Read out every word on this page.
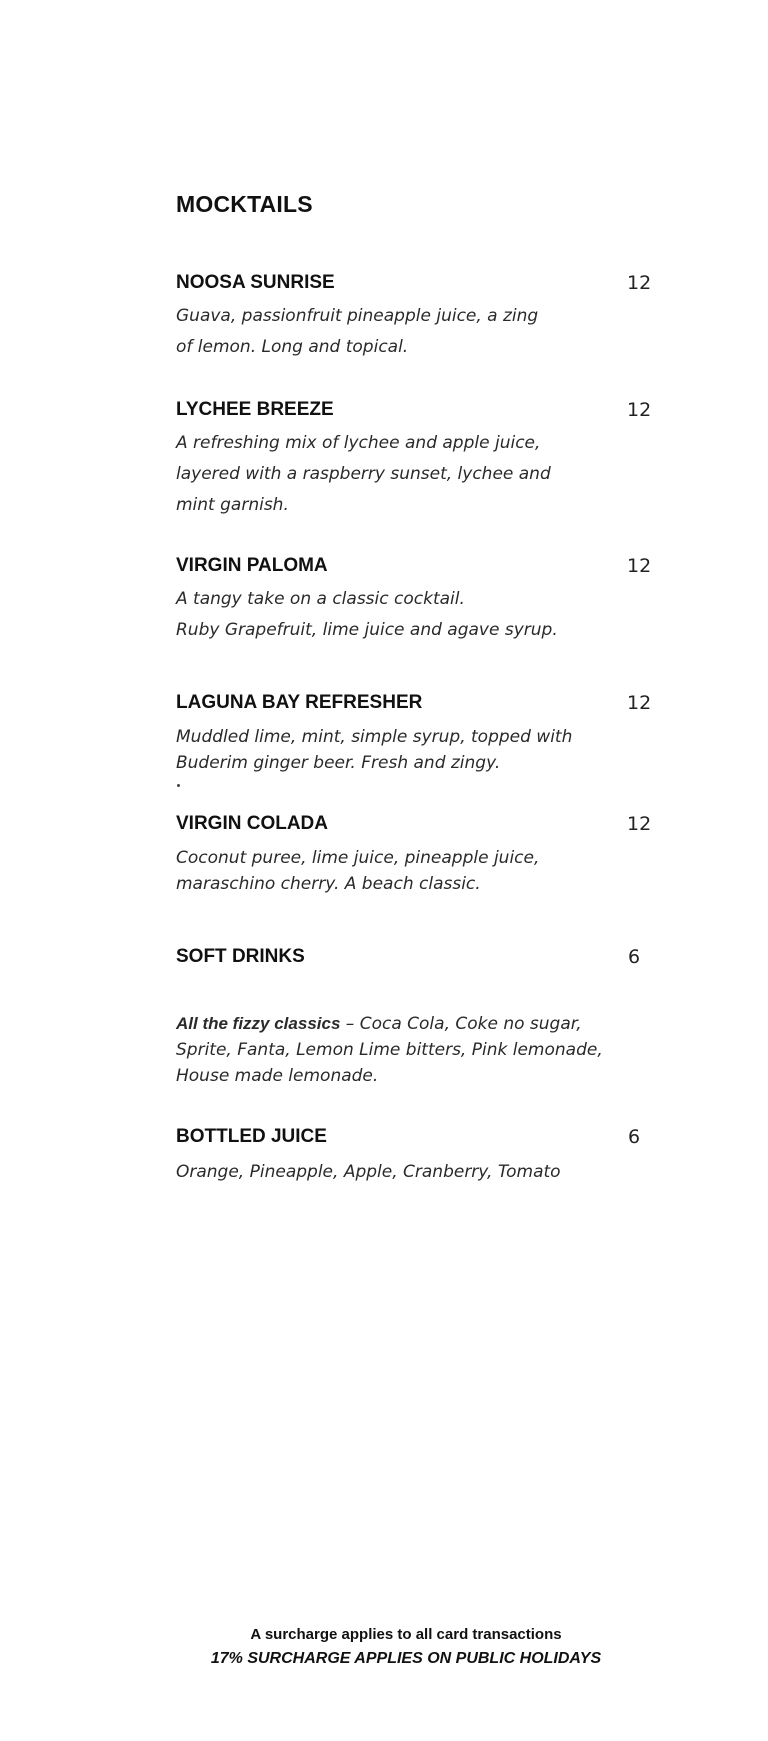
MOCKTAILS
NOOSA SUNRISE	12
Guava, passionfruit pineapple juice, a zing
of lemon. Long and topical.
LYCHEE BREEZE	12
A refreshing mix of lychee and apple juice,
layered with a raspberry sunset, lychee and
mint garnish.
VIRGIN PALOMA	12
A tangy take on a classic cocktail.
Ruby Grapefruit, lime juice and agave syrup.
LAGUNA BAY REFRESHER	12
Muddled lime, mint, simple syrup, topped with
Buderim ginger beer. Fresh and zingy.
VIRGIN COLADA	12
Coconut puree, lime juice, pineapple juice,
maraschino cherry. A beach classic.
SOFT DRINKS	6
All the fizzy classics – Coca Cola, Coke no sugar,
Sprite, Fanta, Lemon Lime bitters, Pink lemonade,
House made lemonade.
BOTTLED JUICE	6
Orange, Pineapple, Apple, Cranberry, Tomato
A surcharge applies to all card transactions
17% SURCHARGE APPLIES ON PUBLIC HOLIDAYS
